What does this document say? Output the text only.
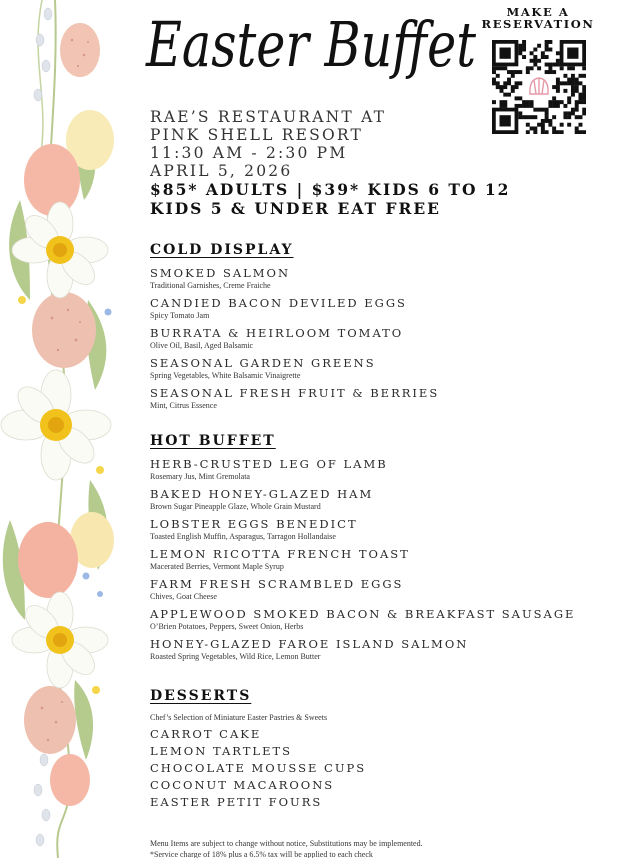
Easter Buffet	MAKE A
RESERVATION
RAE’S RESTAURANT AT
PINK SHELL RESORT
11:30 AM - 2:30 PM
APRIL 5, 2026
$85* ADULTS | $39* KIDS 6 TO 12
KIDS 5 & UNDER EAT FREE
COLD DISPLAY
SMOKED SALMON
Traditional Garnishes, Creme Fraiche
CANDIED BACON DEVILED EGGS
Spicy Tomato Jam
BURRATA & HEIRLOOM TOMATO
Olive Oil, Basil, Aged Balsamic
SEASONAL GARDEN GREENS
Spring Vegetables, White Balsamic Vinaigrette
SEASONAL FRESH FRUIT & BERRIES
Mint, Citrus Essence
HOT BUFFET
HERB-CRUSTED LEG OF LAMB
Rosemary Jus, Mint Gremolata
BAKED HONEY-GLAZED HAM
Brown Sugar Pineapple Glaze, Whole Grain Mustard
LOBSTER EGGS BENEDICT
Toasted English Muffin, Asparagus, Tarragon Hollandaise
LEMON RICOTTA FRENCH TOAST
Macerated Berries, Vermont Maple Syrup
FARM FRESH SCRAMBLED EGGS
Chives, Goat Cheese
APPLEWOOD SMOKED BACON & BREAKFAST SAUSAGE
O’Brien Potatoes, Peppers, Sweet Onion, Herbs
HONEY-GLAZED FAROE ISLAND SALMON
Roasted Spring Vegetables, Wild Rice, Lemon Butter
DESSERTS
Chef’s Selection of Miniature Easter Pastries & Sweets
CARROT CAKE
LEMON TARTLETS
CHOCOLATE MOUSSE CUPS
COCONUT MACAROONS
EASTER PETIT FOURS
Menu Items are subject to change without notice, Substitutions may be implemented.
*Service charge of 18% plus a 6.5% tax will be applied to each check
